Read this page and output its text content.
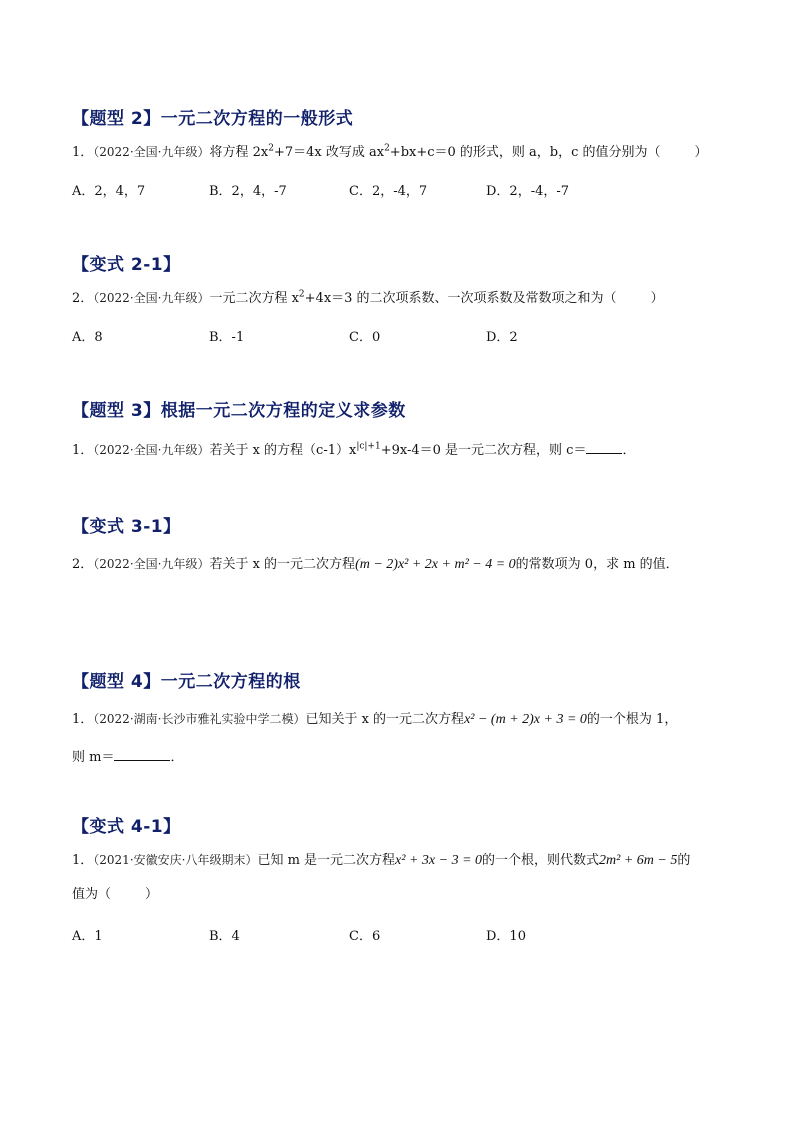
【题型 2】一元二次方程的一般形式
1．（2022·全国·九年级）将方程 $2x^2+7=4x$ 改写成 $ax^2+bx+c=0$ 的形式，则 a，b，c 的值分别为（	）
A．2，4，7	B．2，4，-7	C．2，-4，7	D．2，-4，-7
【变式 2-1】
2．（2022·全国·九年级）一元二次方程 $x^2+4x=3$ 的二次项系数、一次项系数及常数项之和为（	）
A．8	B．-1	C．0	D．2
【题型 3】根据一元二次方程的定义求参数
1．（2022·全国·九年级）若关于 x 的方程$(c-1)x^{|c|+1}+9x-4=0$ 是一元二次方程，则 c＝	．
【变式 3-1】
2．（2022·全国·九年级）若关于 x 的一元二次方程(m − 2)x² + 2x + m² − 4 = 0的常数项为 0，求 m 的值．
【题型 4】一元二次方程的根
1．（2022·湖南·长沙市雅礼实验中学二模）已知关于 x 的一元二次方程x² − (m + 2)x + 3 = 0的一个根为 1，
则 m＝	．
【变式 4-1】
1．（2021·安徽安庆·八年级期末）已知 m 是一元二次方程x² + 3x − 3 = 0的一个根，则代数式2m² + 6m − 5的
值为（	）
A．1	B．4	C．6	D．10
